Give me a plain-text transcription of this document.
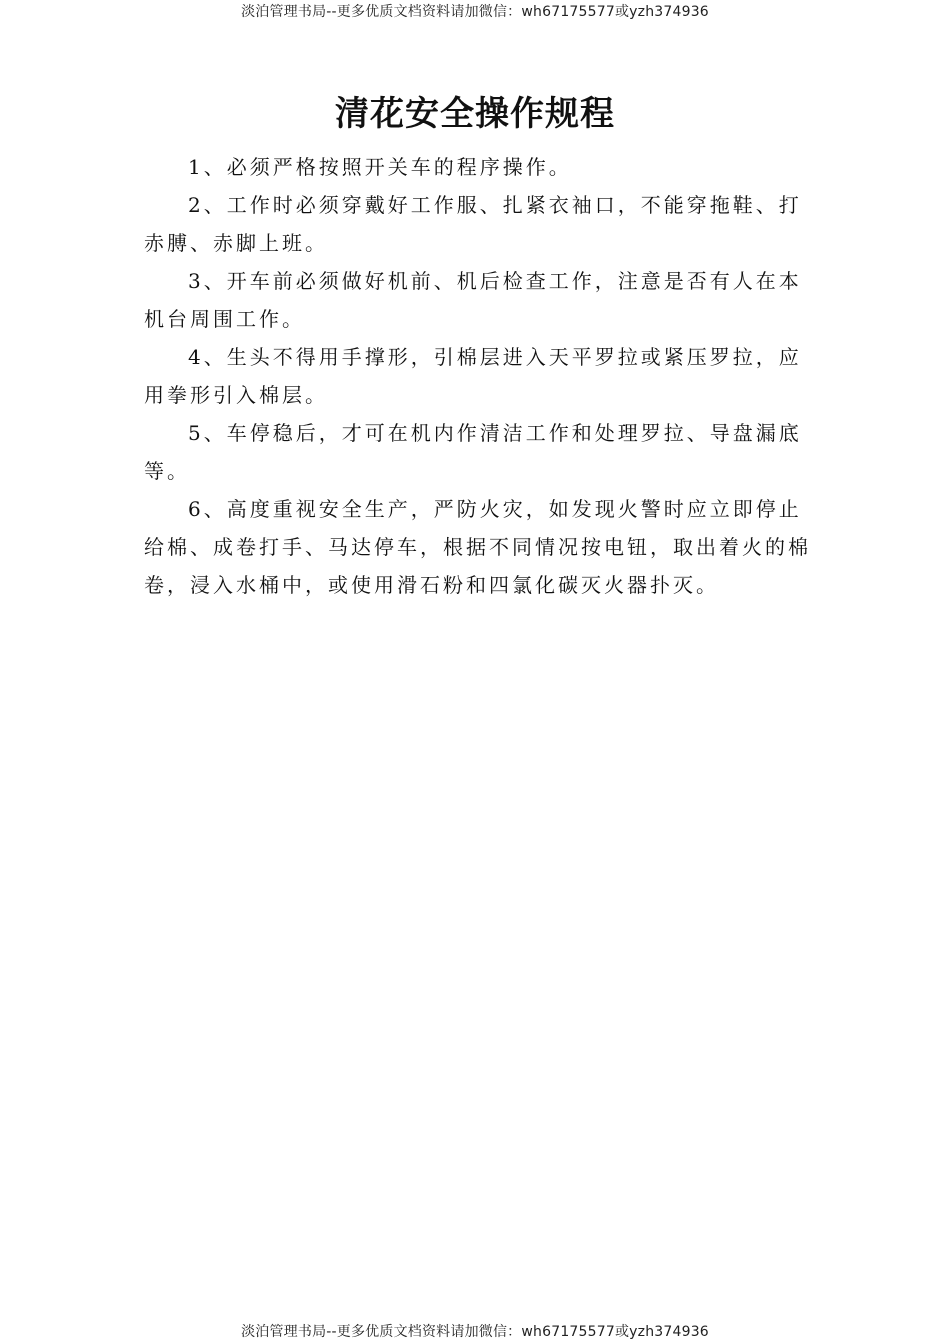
淡泊管理书局--更多优质文档资料请加微信：wh67175577或yzh374936
清花安全操作规程

1、必须严格按照开关车的程序操作。

2、工作时必须穿戴好工作服、扎紧衣袖口，不能穿拖鞋、打赤膊、赤脚上班。

3、开车前必须做好机前、机后检查工作，注意是否有人在本机台周围工作。

4、生头不得用手撑形，引棉层进入天平罗拉或紧压罗拉，应用拳形引入棉层。

5、车停稳后，才可在机内作清洁工作和处理罗拉、导盘漏底等。

6、高度重视安全生产，严防火灾，如发现火警时应立即停止给棉、成卷打手、马达停车，根据不同情况按电钮，取出着火的棉卷，浸入水桶中，或使用滑石粉和四氯化碳灭火器扑灭。

淡泊管理书局--更多优质文档资料请加微信：wh67175577或yzh374936
